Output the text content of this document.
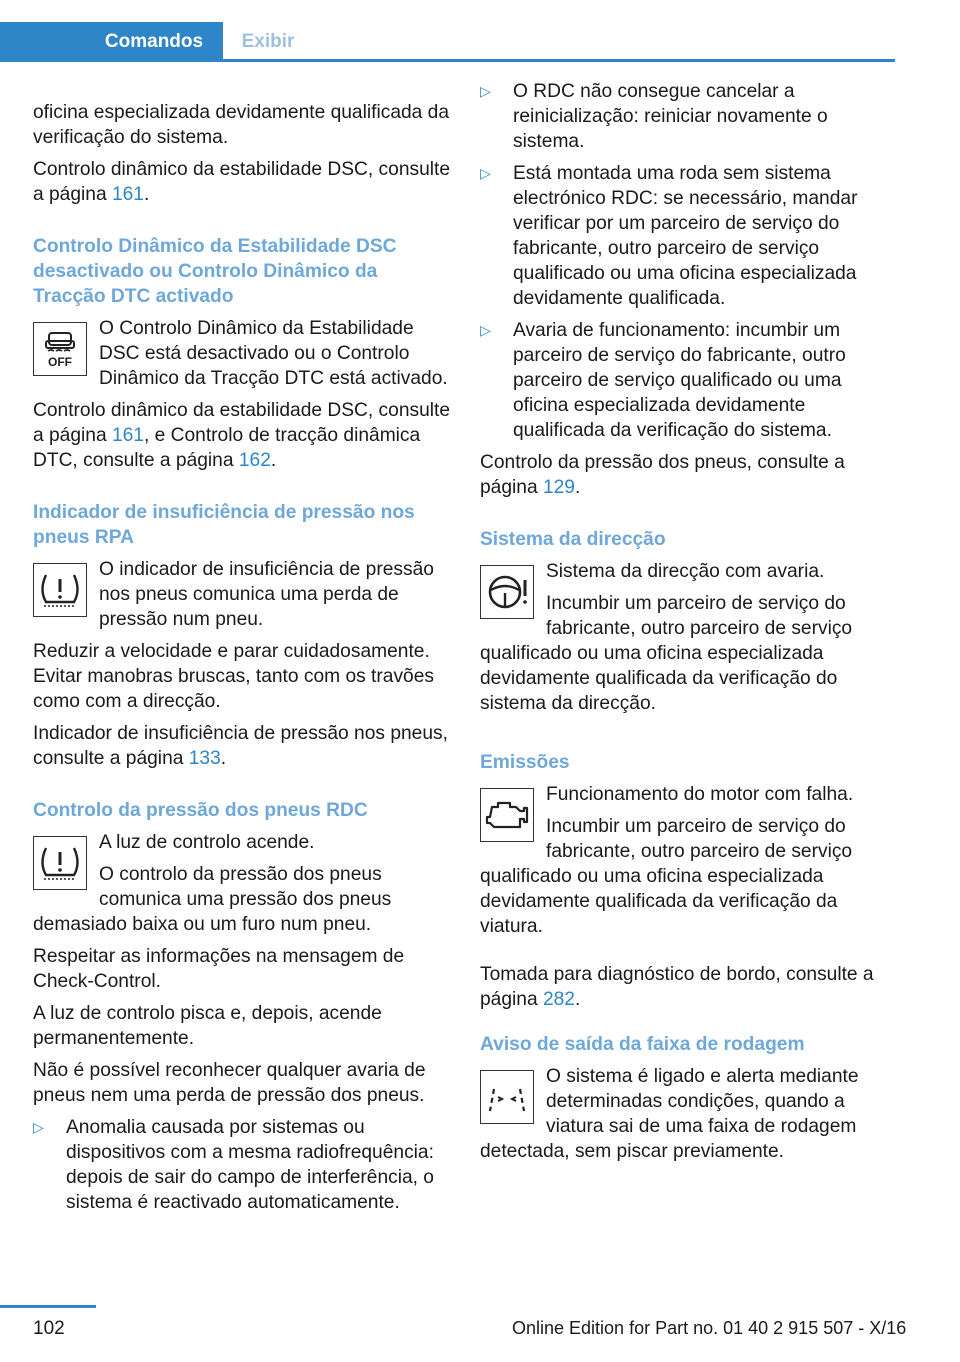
Comandos	Exibir

oficina especializada devidamente qualificada da verificação do sistema.

Controlo dinâmico da estabilidade DSC, consulte a página 161.

Controlo Dinâmico da Estabilidade DSC desactivado ou Controlo Dinâmico da Tracção DTC activado
OFF

O Controlo Dinâmico da Estabilidade DSC está desactivado ou o Controlo Dinâmico da Tracção DTC está activado.

Controlo dinâmico da estabilidade DSC, consulte a página 161, e Controlo de tracção dinâmica DTC, consulte a página 162.

Indicador de insuficiência de pressão nos pneus RPA

O indicador de insuficiência de pressão nos pneus comunica uma perda de pressão num pneu.

Reduzir a velocidade e parar cuidadosamente. Evitar manobras bruscas, tanto com os travões como com a direcção.

Indicador de insuficiência de pressão nos pneus, consulte a página 133.

Controlo da pressão dos pneus RDC

A luz de controlo acende.

O controlo da pressão dos pneus comunica uma pressão dos pneus demasiado baixa ou um furo num pneu.

Respeitar as informações na mensagem de Check-Control.

A luz de controlo pisca e, depois, acende permanentemente.

Não é possível reconhecer qualquer avaria de pneus nem uma perda de pressão dos pneus.

▷ Anomalia causada por sistemas ou dispositivos com a mesma radiofrequência: depois de sair do campo de interferência, o sistema é reactivado automaticamente.
▷ O RDC não consegue cancelar a reinicialização: reiniciar novamente o sistema.
▷ Está montada uma roda sem sistema electrónico RDC: se necessário, mandar verificar por um parceiro de serviço do fabricante, outro parceiro de serviço qualificado ou uma oficina especializada devidamente qualificada.
▷ Avaria de funcionamento: incumbir um parceiro de serviço do fabricante, outro parceiro de serviço qualificado ou uma oficina especializada devidamente qualificada da verificação do sistema.

Controlo da pressão dos pneus, consulte a página 129.

Sistema da direcção

Sistema da direcção com avaria.

Incumbir um parceiro de serviço do fabricante, outro parceiro de serviço qualificado ou uma oficina especializada devidamente qualificada da verificação do sistema da direcção.

Emissões

Funcionamento do motor com falha.

Incumbir um parceiro de serviço do fabricante, outro parceiro de serviço qualificado ou uma oficina especializada devidamente qualificada da verificação da viatura.

Tomada para diagnóstico de bordo, consulte a página 282.

Aviso de saída da faixa de rodagem

O sistema é ligado e alerta mediante determinadas condições, quando a viatura sai de uma faixa de rodagem detectada, sem piscar previamente.

102	Online Edition for Part no. 01 40 2 915 507 - X/16
